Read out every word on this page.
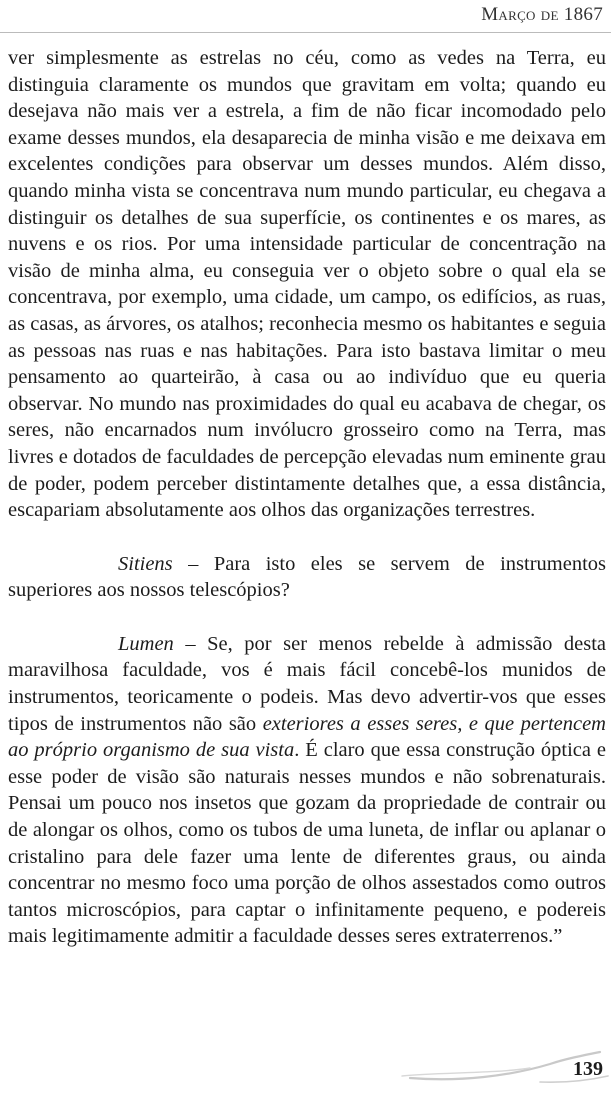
Março de 1867

ver simplesmente as estrelas no céu, como as vedes na Terra, eu distinguia claramente os mundos que gravitam em volta; quando eu desejava não mais ver a estrela, a fim de não ficar incomodado pelo exame desses mundos, ela desaparecia de minha visão e me deixava em excelentes condições para observar um desses mundos. Além disso, quando minha vista se concentrava num mundo particular, eu chegava a distinguir os detalhes de sua superfície, os continentes e os mares, as nuvens e os rios. Por uma intensidade particular de concentração na visão de minha alma, eu conseguia ver o objeto sobre o qual ela se concentrava, por exemplo, uma cidade, um campo, os edifícios, as ruas, as casas, as árvores, os atalhos; reconhecia mesmo os habitantes e seguia as pessoas nas ruas e nas habitações. Para isto bastava limitar o meu pensamento ao quarteirão, à casa ou ao indivíduo que eu queria observar. No mundo nas proximidades do qual eu acabava de chegar, os seres, não encarnados num invólucro grosseiro como na Terra, mas livres e dotados de faculdades de percepção elevadas num eminente grau de poder, podem perceber distintamente detalhes que, a essa distância, escapariam absolutamente aos olhos das organizações terrestres.

Sitiens – Para isto eles se servem de instrumentos superiores aos nossos telescópios?

Lumen – Se, por ser menos rebelde à admissão desta maravilhosa faculdade, vos é mais fácil concebê-los munidos de instrumentos, teoricamente o podeis. Mas devo advertir-vos que esses tipos de instrumentos não são exteriores a esses seres, e que pertencem ao próprio organismo de sua vista. É claro que essa construção óptica e esse poder de visão são naturais nesses mundos e não sobrenaturais. Pensai um pouco nos insetos que gozam da propriedade de contrair ou de alongar os olhos, como os tubos de uma luneta, de inflar ou aplanar o cristalino para dele fazer uma lente de diferentes graus, ou ainda concentrar no mesmo foco uma porção de olhos assestados como outros tantos microscópios, para captar o infinitamente pequeno, e podereis mais legitimamente admitir a faculdade desses seres extraterrenos.”

139
